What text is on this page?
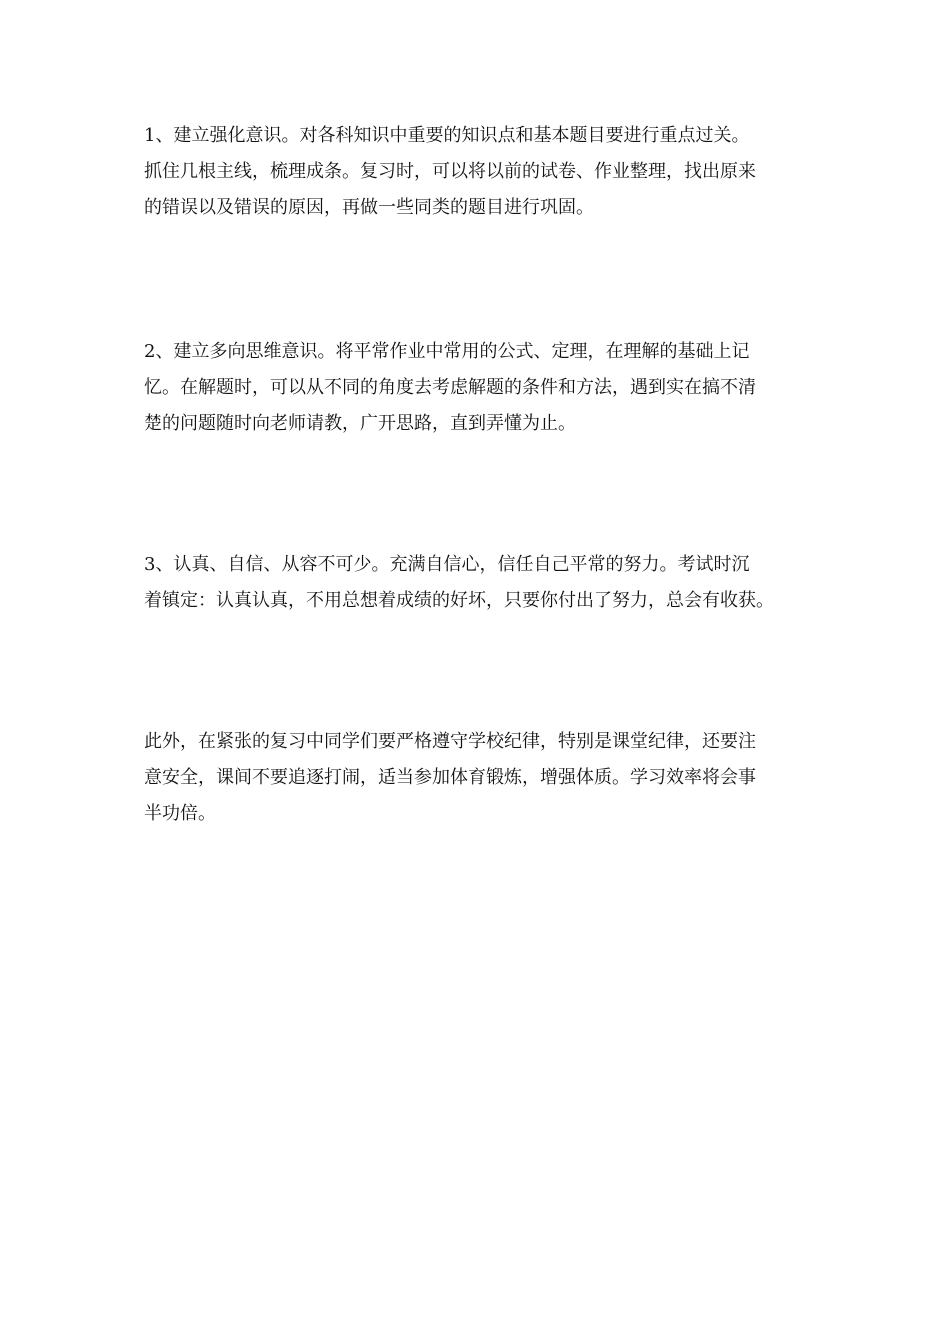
1、建立强化意识。对各科知识中重要的知识点和基本题目要进行重点过关。
抓住几根主线，梳理成条。复习时，可以将以前的试卷、作业整理，找出原来
的错误以及错误的原因，再做一些同类的题目进行巩固。

2、建立多向思维意识。将平常作业中常用的公式、定理，在理解的基础上记
忆。在解题时，可以从不同的角度去考虑解题的条件和方法，遇到实在搞不清
楚的问题随时向老师请教，广开思路，直到弄懂为止。

3、认真、自信、从容不可少。充满自信心，信任自己平常的努力。考试时沉
着镇定：认真认真，不用总想着成绩的好坏，只要你付出了努力，总会有收获。

此外，在紧张的复习中同学们要严格遵守学校纪律，特别是课堂纪律，还要注
意安全，课间不要追逐打闹，适当参加体育锻炼，增强体质。学习效率将会事
半功倍。
